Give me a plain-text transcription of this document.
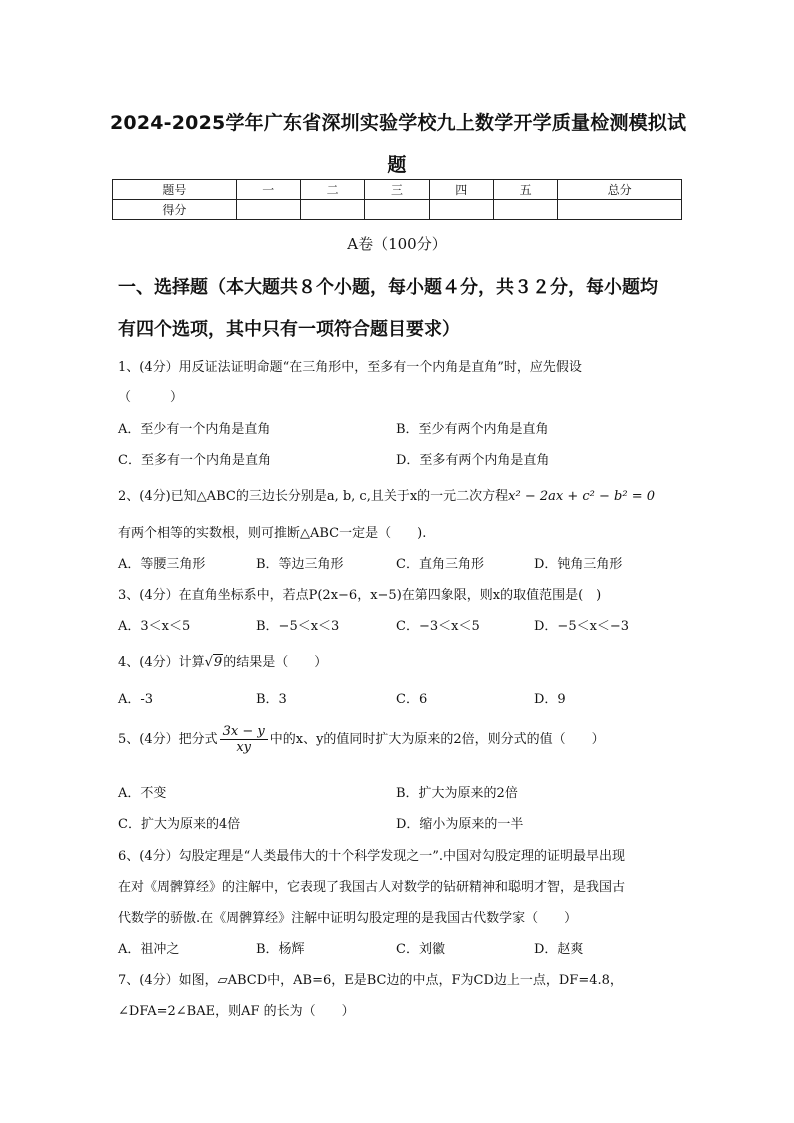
2024-2025学年广东省深圳实验学校九上数学开学质量检测模拟试
题
题号	一	二	三	四	五	总分
得分						
A卷（100分）
一、选择题（本大题共８个小题，每小题４分，共３２分，每小题均
有四个选项，其中只有一项符合题目要求）
1、(4分）用反证法证明命题“在三角形中，至多有一个内角是直角”时，应先假设
（　　　）
A．至少有一个内角是直角	B．至少有两个内角是直角
C．至多有一个内角是直角	D．至多有两个内角是直角
2、(4分)已知△ABC的三边长分别是a, b, c,且关于x的一元二次方程x² − 2ax + c² − b² = 0
有两个相等的实数根，则可推断△ABC一定是（　　).
A．等腰三角形	B．等边三角形	C．直角三角形	D．钝角三角形
3、(4分）在直角坐标系中，若点P(2x−6，x−5)在第四象限，则x的取值范围是(　)
A．3＜x＜5	B．−5＜x＜3	C．−3＜x＜5	D．−5＜x＜−3
4、(4分）计算√9的结果是（　　）
A．-3	B．3	C．6	D．9
5、(4分）把分式 $\frac{3x - y}{xy}$ 中的x、y的值同时扩大为原来的2倍，则分式的值（　　）
A．不变	B．扩大为原来的2倍
C．扩大为原来的4倍	D．缩小为原来的一半
6、(4分）勾股定理是“人类最伟大的十个科学发现之一”.中国对勾股定理的证明最早出现
在对《周髀算经》的注解中，它表现了我国古人对数学的钻研精神和聪明才智，是我国古
代数学的骄傲.在《周髀算经》注解中证明勾股定理的是我国古代数学家（　　）
A．祖冲之	B．杨辉	C．刘徽	D．赵爽
7、(4分）如图，▱ABCD中，AB=6，E是BC边的中点，F为CD边上一点，DF=4.8，
∠DFA=2∠BAE，则AF 的长为（　　）
